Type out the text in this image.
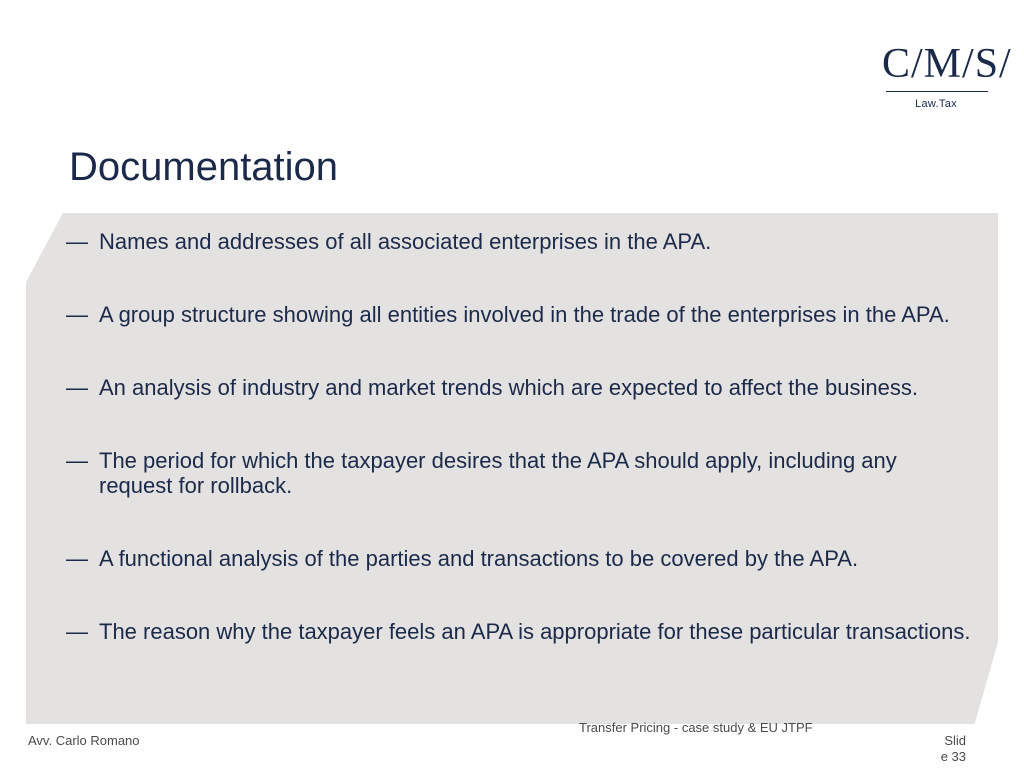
C/M/S/
Law.Tax
Documentation
— Names and addresses of all associated enterprises in the APA.
— A group structure showing all entities involved in the trade of the enterprises in the APA.
— An analysis of industry and market trends which are expected to affect the business.
— The period for which the taxpayer desires that the APA should apply, including any request for rollback.
— A functional analysis of the parties and transactions to be covered by the APA.
— The reason why the taxpayer feels an APA is appropriate for these particular transactions.
Avv. Carlo Romano
Transfer Pricing - case study & EU JTPF
Slid
e 33
